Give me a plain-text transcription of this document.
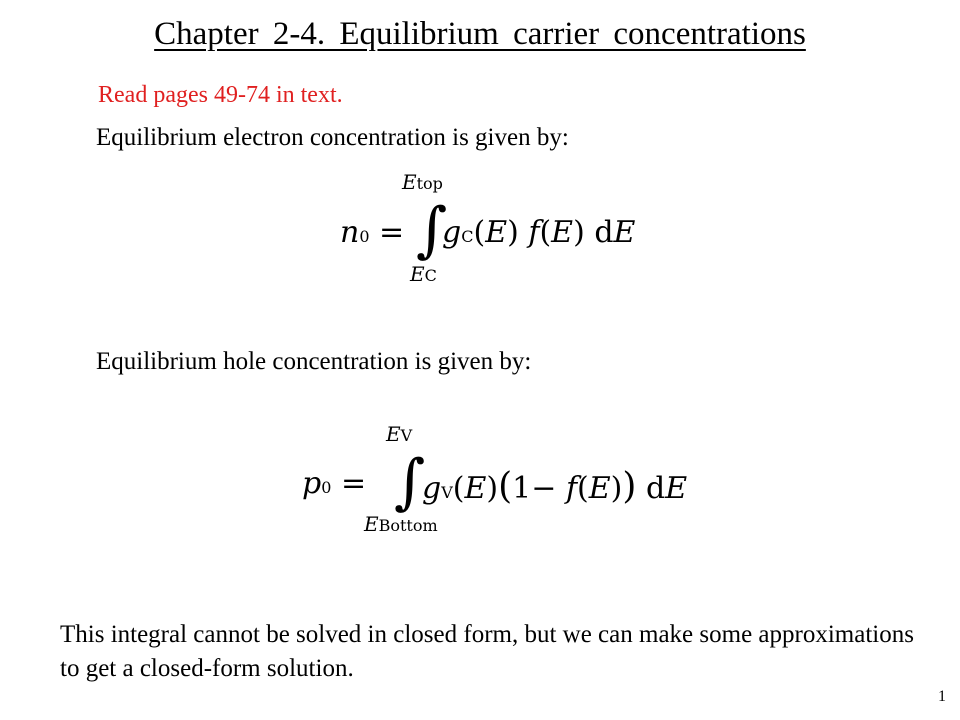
Chapter 2-4. Equilibrium carrier concentrations
Read pages 49-74 in text.
Equilibrium electron concentration is given by:
Etop
n0 = ∫
gC(E) f(E) dE
EC
Equilibrium hole concentration is given by:
EV
p0 = ∫
gV(E)(1− f(E)) dE
EBottom
This integral cannot be solved in closed form, but we can make some approximations to get a closed-form solution.
1
